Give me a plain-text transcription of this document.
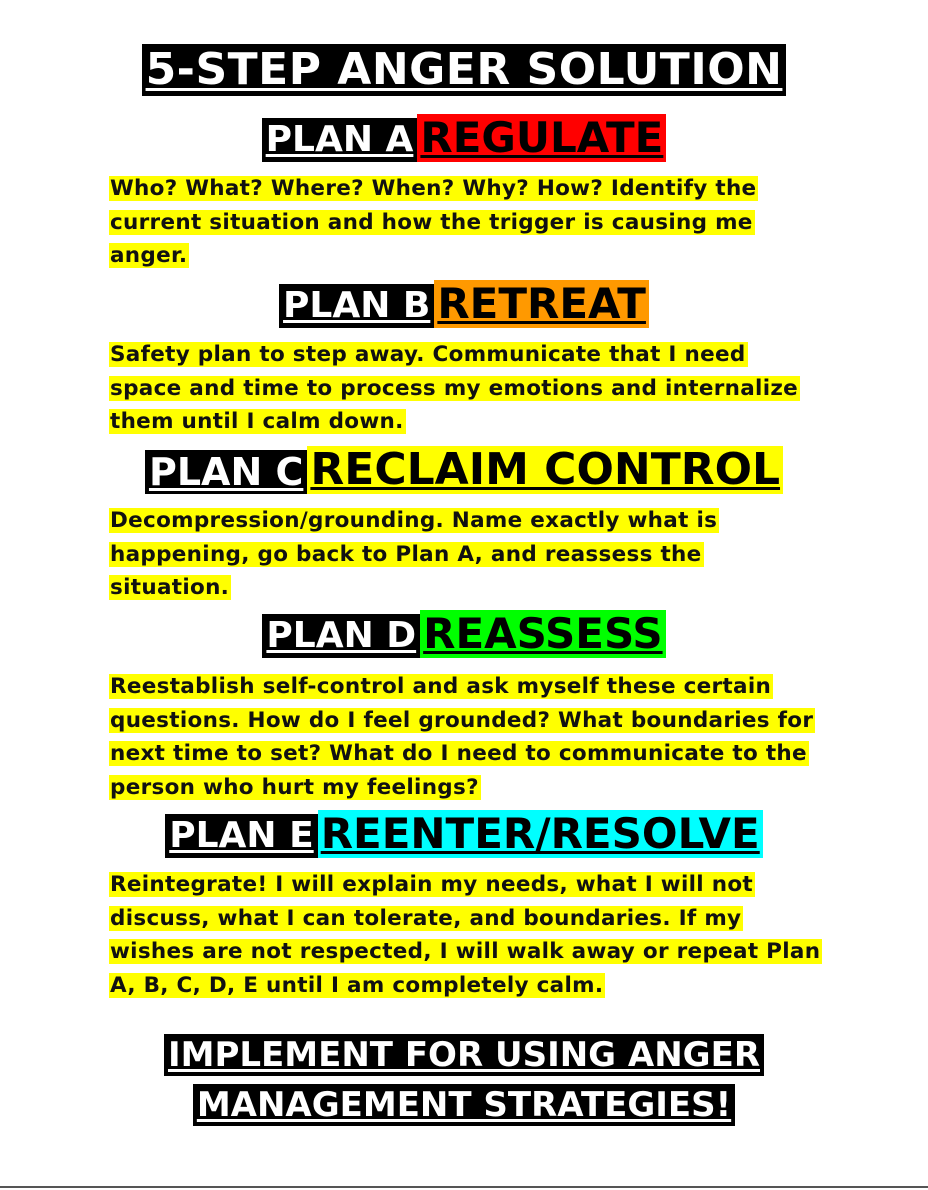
5-STEP ANGER SOLUTION
PLAN A REGULATE
Who? What? Where? When? Why? How? Identify the current situation and how the trigger is causing me anger.
PLAN B RETREAT
Safety plan to step away. Communicate that I need space and time to process my emotions and internalize them until I calm down.
PLAN C RECLAIM CONTROL
Decompression/grounding. Name exactly what is happening, go back to Plan A, and reassess the situation.
PLAN D REASSESS
Reestablish self-control and ask myself these certain questions. How do I feel grounded? What boundaries for next time to set? What do I need to communicate to the person who hurt my feelings?
PLAN E REENTER/RESOLVE
Reintegrate! I will explain my needs, what I will not discuss, what I can tolerate, and boundaries. If my wishes are not respected, I will walk away or repeat Plan A, B, C, D, E until I am completely calm.
IMPLEMENT FOR USING ANGER
MANAGEMENT STRATEGIES!
